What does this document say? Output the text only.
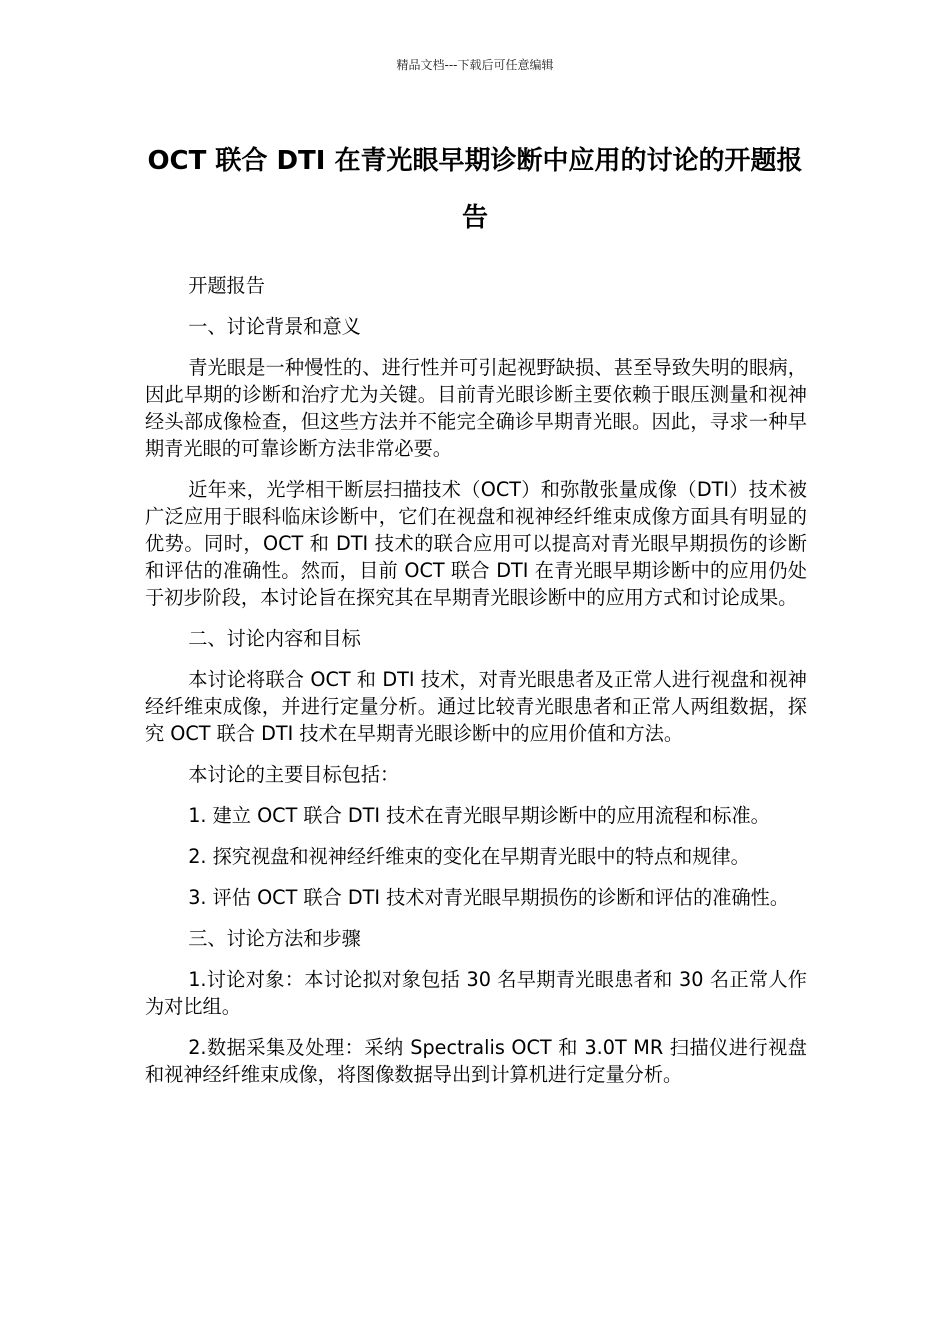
精品文档---下载后可任意编辑
OCT 联合 DTI 在青光眼早期诊断中应用的讨论的开题报告

开题报告

一、讨论背景和意义

青光眼是一种慢性的、进行性并可引起视野缺损、甚至导致失明的眼病，因此早期的诊断和治疗尤为关键。目前青光眼诊断主要依赖于眼压测量和视神经头部成像检查，但这些方法并不能完全确诊早期青光眼。因此，寻求一种早期青光眼的可靠诊断方法非常必要。

近年来，光学相干断层扫描技术（OCT）和弥散张量成像（DTI）技术被广泛应用于眼科临床诊断中，它们在视盘和视神经纤维束成像方面具有明显的优势。同时，OCT 和 DTI 技术的联合应用可以提高对青光眼早期损伤的诊断和评估的准确性。然而，目前 OCT 联合 DTI 在青光眼早期诊断中的应用仍处于初步阶段，本讨论旨在探究其在早期青光眼诊断中的应用方式和讨论成果。

二、讨论内容和目标

本讨论将联合 OCT 和 DTI 技术，对青光眼患者及正常人进行视盘和视神经纤维束成像，并进行定量分析。通过比较青光眼患者和正常人两组数据，探究 OCT 联合 DTI 技术在早期青光眼诊断中的应用价值和方法。

本讨论的主要目标包括：

1. 建立 OCT 联合 DTI 技术在青光眼早期诊断中的应用流程和标准。

2. 探究视盘和视神经纤维束的变化在早期青光眼中的特点和规律。

3. 评估 OCT 联合 DTI 技术对青光眼早期损伤的诊断和评估的准确性。

三、讨论方法和步骤

1.讨论对象：本讨论拟对象包括 30 名早期青光眼患者和 30 名正常人作为对比组。

2.数据采集及处理：采纳 Spectralis OCT 和 3.0T MR 扫描仪进行视盘和视神经纤维束成像，将图像数据导出到计算机进行定量分析。
